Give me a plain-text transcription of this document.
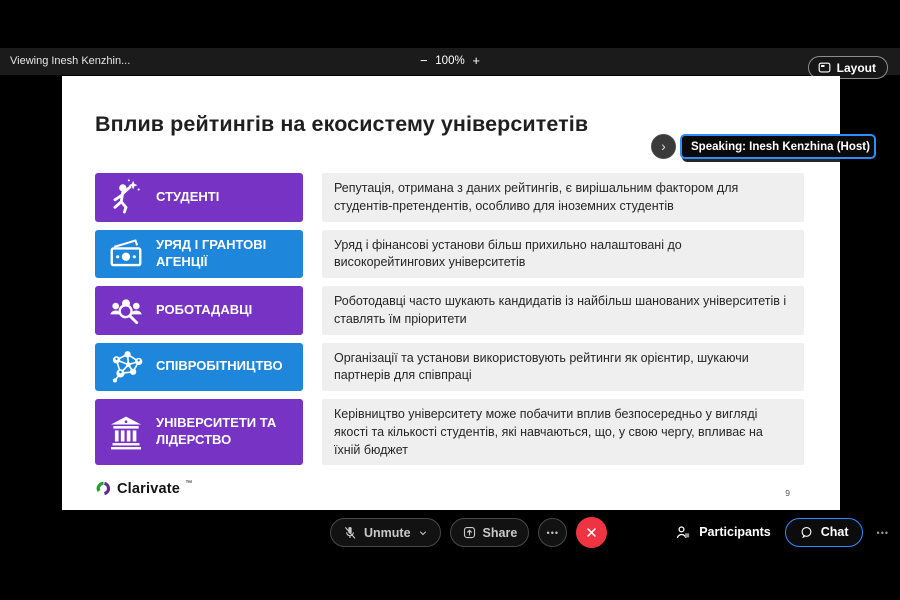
Viewing Inesh Kenzhin...	− 100% +	Layout
Вплив рейтингів на екосистему університетів
СТУДЕНТІ
Репутація, отримана з даних рейтингів, є вирішальним фактором для студентів-претендентів, особливо для іноземних студентів
УРЯД І ГРАНТОВІ АГЕНЦІЇ
Уряд і фінансові установи більш прихильно налаштовані до високорейтингових університетів
РОБОТАДАВЦІ
Роботодавці часто шукають кандидатів із найбільш шанованих університетів і ставлять їм пріоритети
СПІВРОБІТНИЦТВО
Організації та установи використовують рейтинги як орієнтир, шукаючи партнерів для співпраці
УНІВЕРСИТЕТИ ТА ЛІДЕРСТВО
Керівництво університету може побачити вплив безпосередньо у вигляді якості та кількості студентів, які навчаються, що, у свою чергу, впливає на їхній бюджет
Clarivate ™
9
›	Speaking: Inesh Kenzhina (Host)
Unmute	Share	•••	Participants	Chat	•••
